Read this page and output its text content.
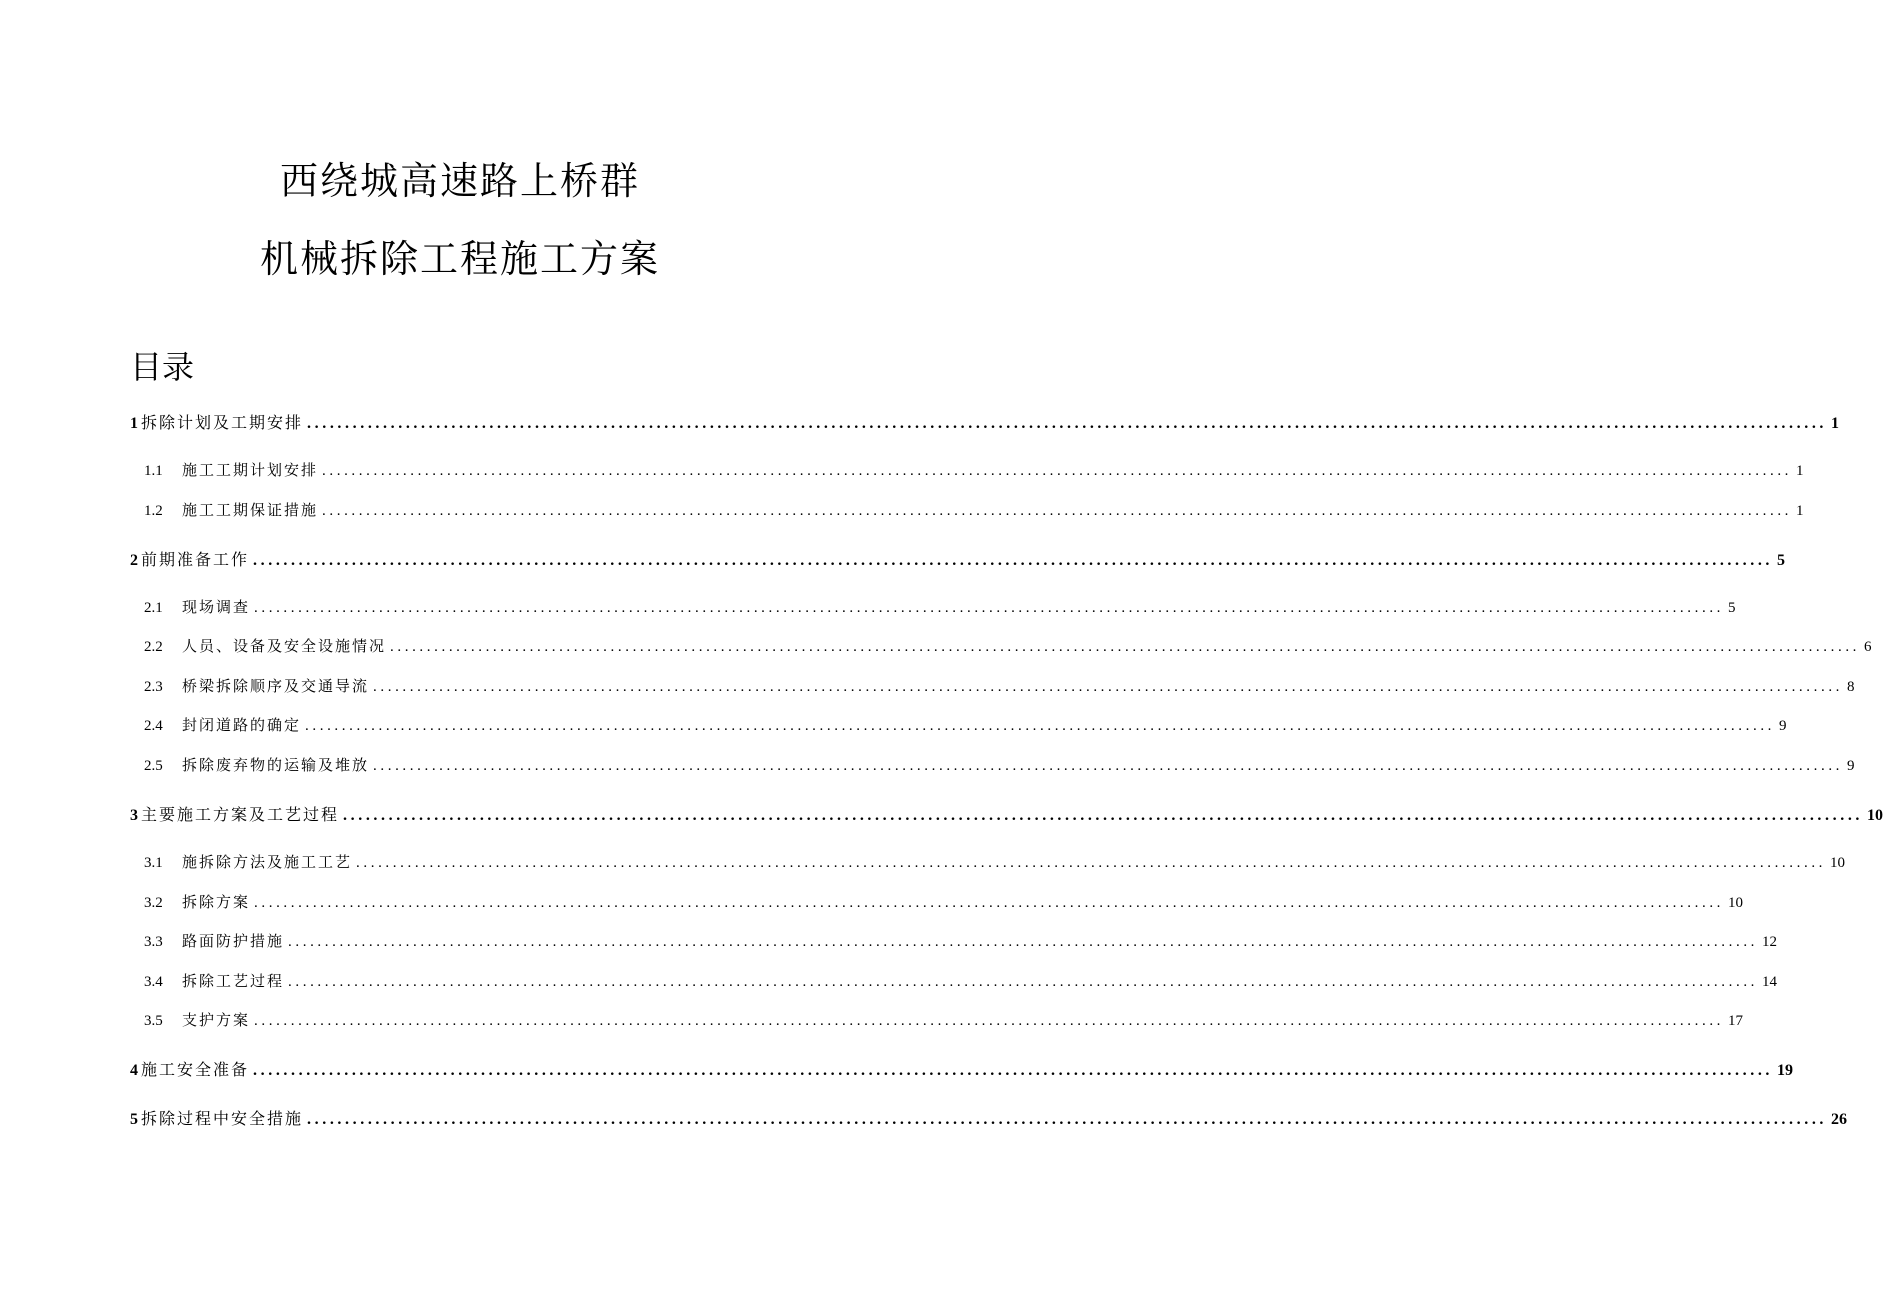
西绕城高速路上桥群
机械拆除工程施工方案
目录
1 拆除计划及工期安排 ........................................................................................................................................................................................................ 1
1.1	施工工期计划安排 ........................................................................................................................................................................................................ 1
1.2	施工工期保证措施 ........................................................................................................................................................................................................ 1
2 前期准备工作 ........................................................................................................................................................................................................ 5
2.1	现场调查 ........................................................................................................................................................................................................ 5
2.2	人员、设备及安全设施情况 ........................................................................................................................................................................................................ 6
2.3	桥梁拆除顺序及交通导流 ........................................................................................................................................................................................................ 8
2.4	封闭道路的确定 ........................................................................................................................................................................................................ 9
2.5	拆除废弃物的运输及堆放 ........................................................................................................................................................................................................ 9
3 主要施工方案及工艺过程 ........................................................................................................................................................................................................ 10
3.1	施拆除方法及施工工艺 ........................................................................................................................................................................................................ 10
3.2	拆除方案 ........................................................................................................................................................................................................ 10
3.3	路面防护措施 ........................................................................................................................................................................................................ 12
3.4	拆除工艺过程 ........................................................................................................................................................................................................ 14
3.5	支护方案 ........................................................................................................................................................................................................ 17
4 施工安全准备 ........................................................................................................................................................................................................ 19
5 拆除过程中安全措施 ........................................................................................................................................................................................................ 26
